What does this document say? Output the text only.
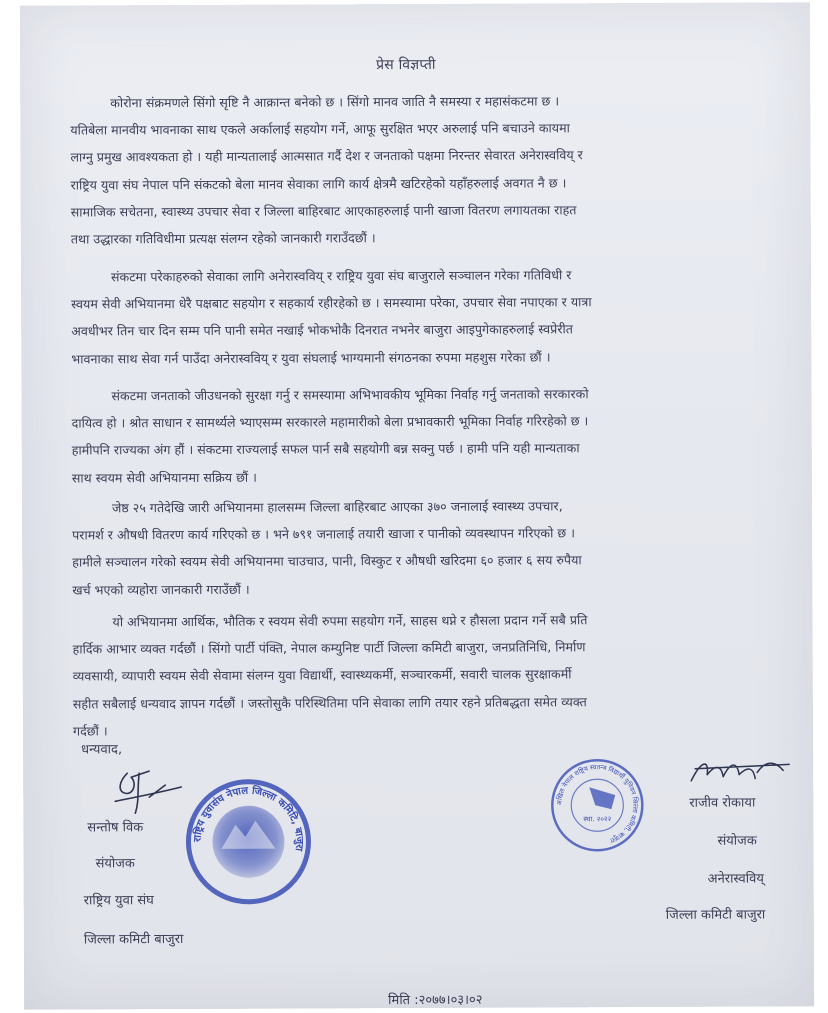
प्रेस विज्ञप्ती
कोरोना संक्रमणले सिंगो सृष्टि नै आक्रान्त बनेको छ । सिंगो मानव जाति नै समस्या र महासंकटमा छ ।
यतिबेला मानवीय भावनाका साथ एकले अर्कालाई सहयोग गर्ने, आफू सुरक्षित भएर अरुलाई पनि बचाउने कायमा
लाग्नु प्रमुख आवश्यकता हो । यही मान्यतालाई आत्मसात गर्दै देश र जनताको पक्षमा निरन्तर सेवारत अनेरास्वविय् र
राष्ट्रिय युवा संघ नेपाल पनि संकटको बेला मानव सेवाका लागि कार्य क्षेत्रमै खटिरहेको यहाँहरुलाई अवगत नै छ ।
सामाजिक सचेतना, स्वास्थ्य उपचार सेवा र जिल्ला बाहिरबाट आएकाहरुलाई पानी खाजा वितरण लगायतका राहत
तथा उद्धारका गतिविधीमा प्रत्यक्ष संलग्न रहेको जानकारी गराउँदछौं ।
संकटमा परेकाहरुको सेवाका लागि अनेरास्वविय् र राष्ट्रिय युवा संघ बाजुराले सञ्चालन गरेका गतिविधी र
स्वयम सेवी अभियानमा धेरै पक्षबाट सहयोग र सहकार्य रहीरहेको छ । समस्यामा परेका, उपचार सेवा नपाएका र यात्रा
अवधीभर तिन चार दिन सम्म पनि पानी समेत नखाई भोकभोकै दिनरात नभनेर बाजुरा आइपुगेकाहरुलाई स्वप्रेरीत
भावनाका साथ सेवा गर्न पाउँदा अनेरास्वविय् र युवा संघलाई भाग्यमानी संगठनका रुपमा महशुस गरेका छौं ।
संकटमा जनताको जीउधनको सुरक्षा गर्नु र समस्यामा अभिभावकीय भूमिका निर्वाह गर्नु जनताको सरकारको
दायित्व हो । श्रोत साधान र सामर्थ्यले भ्याएसम्म सरकारले महामारीको बेला प्रभावकारी भूमिका निर्वाह गरिरहेको छ ।
हामीपनि राज्यका अंग हौं । संकटमा राज्यलाई सफल पार्न सबै सहयोगी बन्न सक्नु पर्छ । हामी पनि यही मान्यताका
साथ स्वयम सेवी अभियानमा सक्रिय छौं ।
जेष्ठ २५ गतेदेखि जारी अभियानमा हालसम्म जिल्ला बाहिरबाट आएका ३७० जनालाई स्वास्थ्य उपचार,
परामर्श र औषधी वितरण कार्य गरिएको छ । भने ७९१ जनालाई तयारी खाजा र पानीको व्यवस्थापन गरिएको छ ।
हामीले सञ्चालन गरेको स्वयम सेवी अभियानमा चाउचाउ, पानी, विस्कुट र औषधी खरिदमा ६० हजार ६ सय रुपैया
खर्च भएको व्यहोरा जानकारी गराउँछौं ।
यो अभियानमा आर्थिक, भौतिक र स्वयम सेवी रुपमा सहयोग गर्ने, साहस थप्ने र हौसला प्रदान गर्ने सबै प्रति
हार्दिक आभार व्यक्त गर्दछौं । सिंगो पार्टी पंक्ति, नेपाल कम्युनिष्ट पार्टी जिल्ला कमिटी बाजुरा, जनप्रतिनिधि, निर्माण
व्यवसायी, व्यापारी स्वयम सेवी सेवामा संलग्न युवा विद्यार्थी, स्वास्थ्यकर्मी, सञ्चारकर्मी, सवारी चालक सुरक्षाकर्मी
सहीत सबैलाई धन्यवाद ज्ञापन गर्दछौं । जस्तोसुकै परिस्थितिमा पनि सेवाका लागि तयार रहने प्रतिबद्धता समेत व्यक्त
गर्दछौं ।
धन्यवाद,
सन्तोष विक
संयोजक
राष्ट्रिय युवा संघ
जिल्ला कमिटी बाजुरा
राष्ट्रिय युवासंघ नेपाल जिल्ला कमिटि, बाजुरा
स्था. २०२२
अखिल नेपाल राष्ट्रिय स्वतन्त्र विद्यार्थी युनियन जिल्ला कमिटी, बाजुरा
राजीव रोकाया
संयोजक
अनेरास्वविय्
जिल्ला कमिटी बाजुरा
मिति :२०७७।०३।०२
